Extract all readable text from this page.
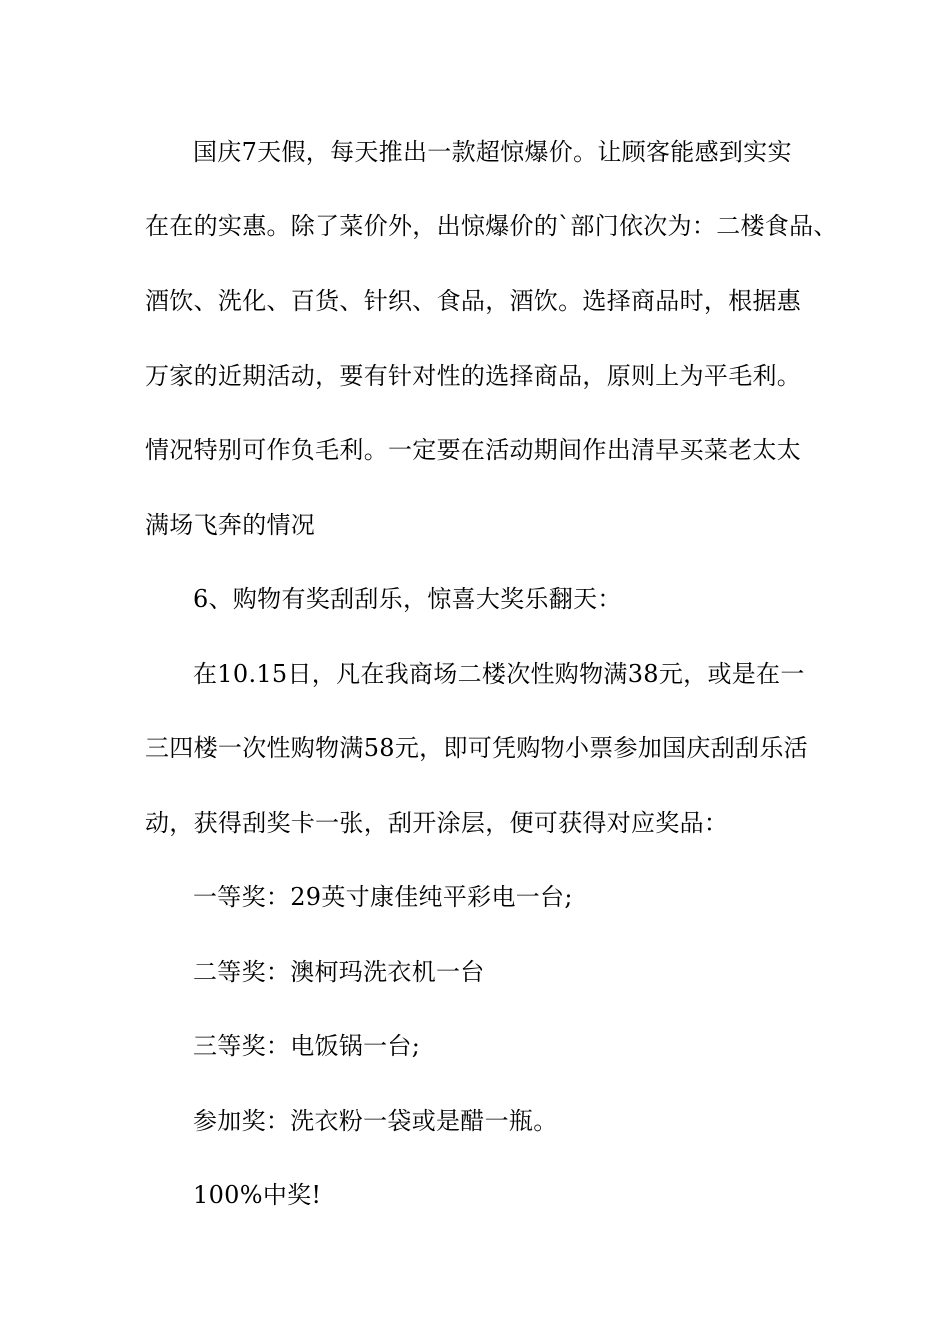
国庆7天假，每天推出一款超惊爆价。让顾客能感到实实
在在的实惠。除了菜价外，出惊爆价的`部门依次为：二楼食品、
酒饮、洗化、百货、针织、食品，酒饮。选择商品时，根据惠
万家的近期活动，要有针对性的选择商品，原则上为平毛利。
情况特别可作负毛利。一定要在活动期间作出清早买菜老太太
满场飞奔的情况
6、购物有奖刮刮乐，惊喜大奖乐翻天：
在10.15日，凡在我商场二楼次性购物满38元，或是在一
三四楼一次性购物满58元，即可凭购物小票参加国庆刮刮乐活
动，获得刮奖卡一张，刮开涂层，便可获得对应奖品：
一等奖：29英寸康佳纯平彩电一台;
二等奖：澳柯玛洗衣机一台
三等奖：电饭锅一台;
参加奖：洗衣粉一袋或是醋一瓶。
100%中奖!
